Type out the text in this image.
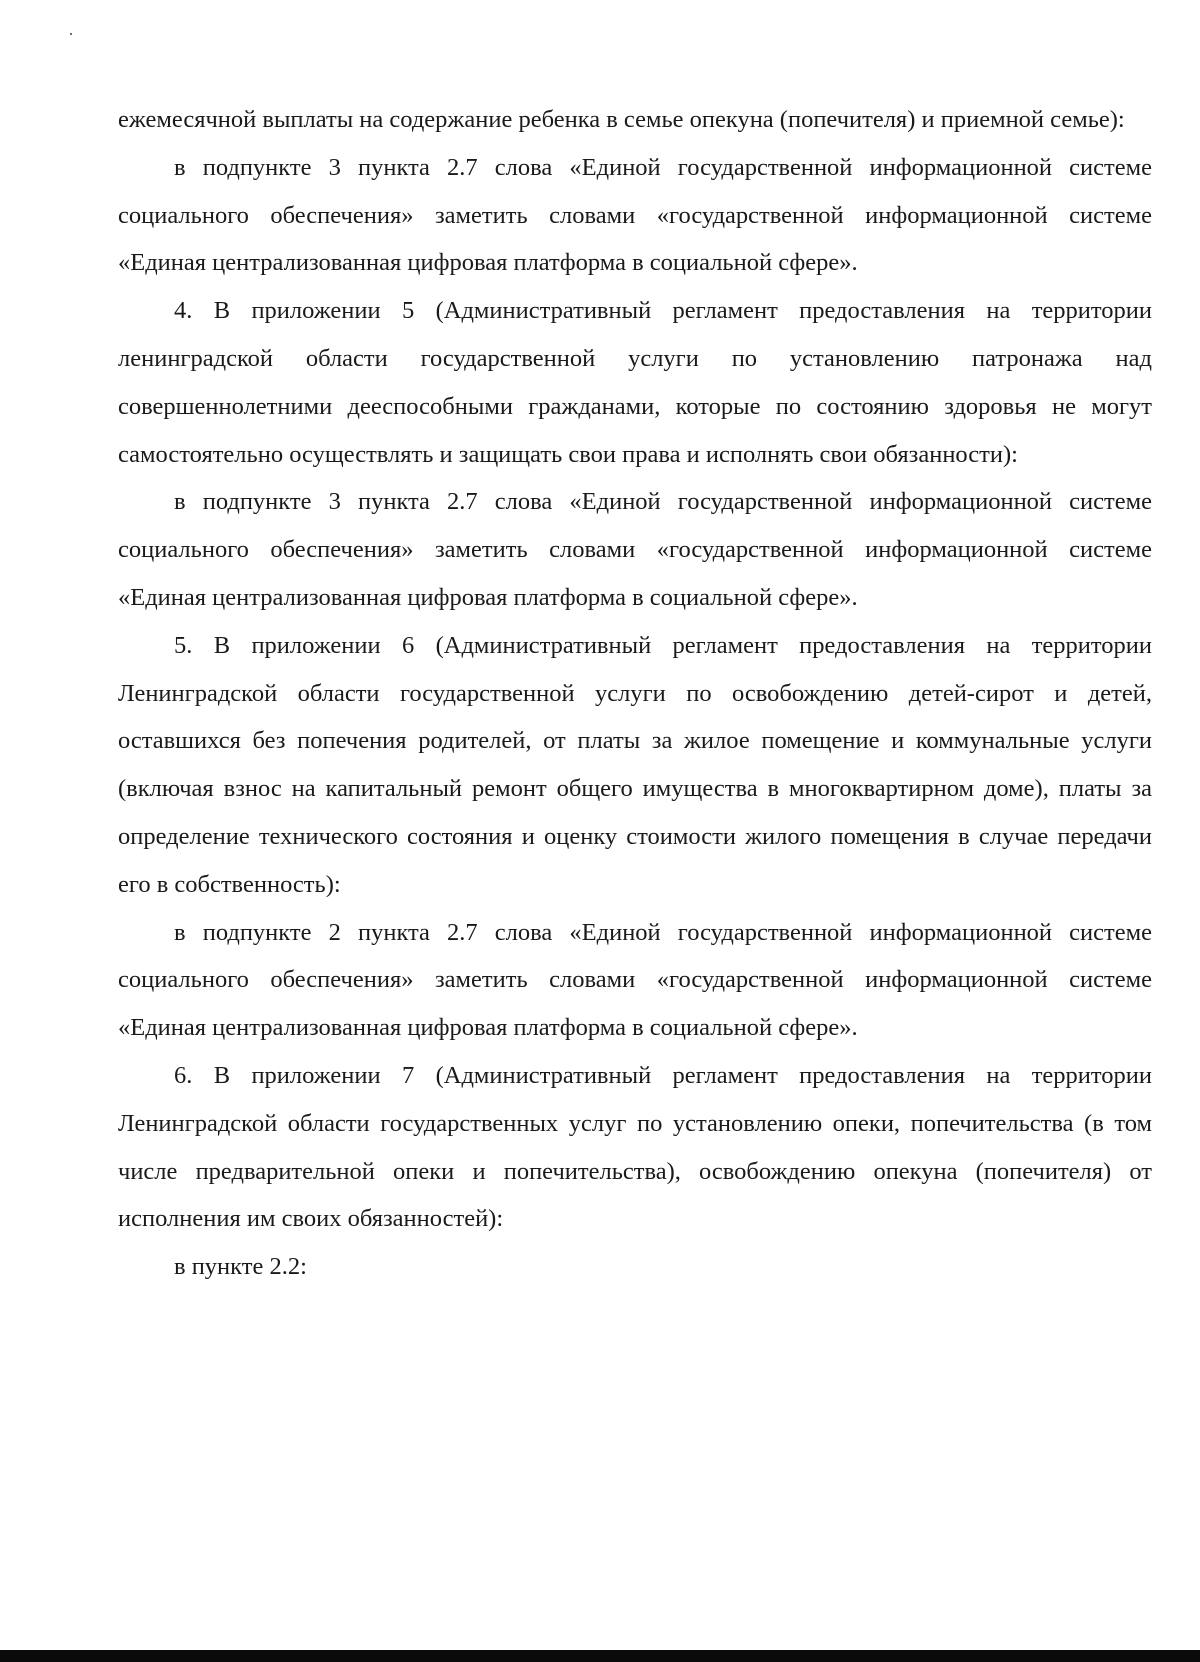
ежемесячной выплаты на содержание ребенка в семье опекуна (попечителя) и приемной семье):

в подпункте 3 пункта 2.7 слова «Единой государственной информационной системе социального обеспечения» заметить словами «государственной информационной системе «Единая централизованная цифровая платформа в социальной сфере».

4. В приложении 5 (Административный регламент предоставления на территории ленинградской области государственной услуги по установлению патронажа над совершеннолетними дееспособными гражданами, которые по состоянию здоровья не могут самостоятельно осуществлять и защищать свои права и исполнять свои обязанности):

в подпункте 3 пункта 2.7 слова «Единой государственной информационной системе социального обеспечения» заметить словами «государственной информационной системе «Единая централизованная цифровая платформа в социальной сфере».

5. В приложении 6 (Административный регламент предоставления на территории Ленинградской области государственной услуги по освобождению детей-сирот и детей, оставшихся без попечения родителей, от платы за жилое помещение и коммунальные услуги (включая взнос на капитальный ремонт общего имущества в многоквартирном доме), платы за определение технического состояния и оценку стоимости жилого помещения в случае передачи его в собственность):

в подпункте 2 пункта 2.7 слова «Единой государственной информационной системе социального обеспечения» заметить словами «государственной информационной системе «Единая централизованная цифровая платформа в социальной сфере».

6. В приложении 7 (Административный регламент предоставления на территории Ленинградской области государственных услуг по установлению опеки, попечительства (в том числе предварительной опеки и попечительства), освобождению опекуна (попечителя) от исполнения им своих обязанностей):

в пункте 2.2:
